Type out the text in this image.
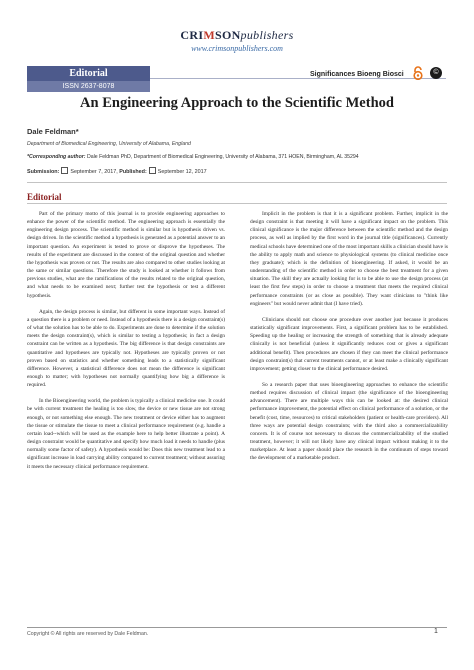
CRIMSONpublishers
www.crimsonpublishers.com
Editorial
ISSN 2637-8078
Significances Bioeng Biosci	©
An Engineering Approach to the Scientific Method
Dale Feldman*
Department of Biomedical Engineering, University of Alabama, England
*Corresponding author: Dale Feldman PhD, Department of Biomedical Engineering, University of Alabama, 371 HOEN, Birmingham, AL 35294
Submission: September 7, 2017, Published: September 12, 2017
Editorial

Part of the primary motto of this journal is to provide engineering approaches to enhance the power of the scientific method. The engineering approach is essentially the engineering design process. The scientific method is similar but is hypothesis driven vs. design driven. In the scientific method a hypothesis is generated as a potential answer to an important question. An experiment is tested to prove or disprove the hypotheses. The results of the experiment are discussed in the context of the original question and whether the hypothesis was proven or not. The results are also compared to other studies looking at the same or similar questions. Therefore the study is looked at whether it follows from previous studies, what are the ramifications of the results related to the original question, and what needs to be examined next; further test the hypothesis or test a different hypothesis.

Again, the design process is similar, but different in some important ways. Instead of a question there is a problem or need. Instead of a hypothesis there is a design constraint(s) of what the solution has to be able to do. Experiments are done to determine if the solution meets the design constraint(s), which is similar to testing a hypothesis; in fact a design constraint can be written as a hypothesis. The big difference is that design constraints are quantitative and hypotheses are typically not. Hypotheses are typically proven or not proven based on statistics and whether something leads to a statistically significant difference. However, a statistical difference does not mean the difference is significant enough to matter; with hypotheses not normally quantifying how big a difference is required.

In the Bioengineering world, the problem is typically a clinical medicine one. It could be with current treatment the healing is too slow, the device or new tissue are not strong enough, or not something else enough. The new treatment or device either has to augment the tissue or stimulate the tissue to meet a clinical performance requirement (e.g. handle a certain load--which will be used as the example here to help better illustrate a point). A design constraint would be quantitative and specify how much load it needs to handle (plus normally some factor of safety). A hypothesis would be: Does this new treatment lead to a significant increase in load carrying ability compared to current treatment; without assuring it meets the necessary clinical performance requirement.

Implicit in the problem is that it is a significant problem. Further, implicit in the design constraint is that meeting it will have a significant impact on the problem. This clinical significance is the major difference between the scientific method and the design process, as well as implied by the first word in the journal title (significances). Currently medical schools have determined one of the most important skills a clinician should have is the ability to apply math and science to physiological systems (to clinical medicine once they graduate); which is the definition of bioengineering. If asked, it would be an understanding of the scientific method in order to choose the best treatment for a given situation. The skill they are actually looking for is to be able to use the design process (at least the first few steps) in order to choose a treatment that meets the required clinical performance constraints (or as close as possible). They want clinicians to "think like engineers" but would never admit that (I have tried).

Clinicians should not choose one procedure over another just because it produces statistically significant improvements. First, a significant problem has to be established. Speeding up the healing or increasing the strength of something that is already adequate clinically is not beneficial (unless it significantly reduces cost or gives a significant additional benefit). Then procedures are chosen if they can meet the clinical performance design constraint(s) that current treatments cannot, or at least make a clinically significant improvement; getting closer to the clinical performance desired.

So a research paper that uses bioengineering approaches to enhance the scientific method requires discussion of clinical impact (the significance of the bioengineering advancement). There are multiple ways this can be looked at: the desired clinical performance improvement, the potential effect on clinical performance of a solution, or the benefit (cost, time, resources) to critical stakeholders (patient or health-care providers). All three ways are potential design constraints; with the third also a commercializability concern. It is of course not necessary to discuss the commercializability of the studied treatment, however; it will not likely have any clinical impact without making it to the marketplace. At least a paper should place the research in the continuum of steps toward the development of a marketable product.

Copyright © All rights are reserved by Dale Feldman.	1
